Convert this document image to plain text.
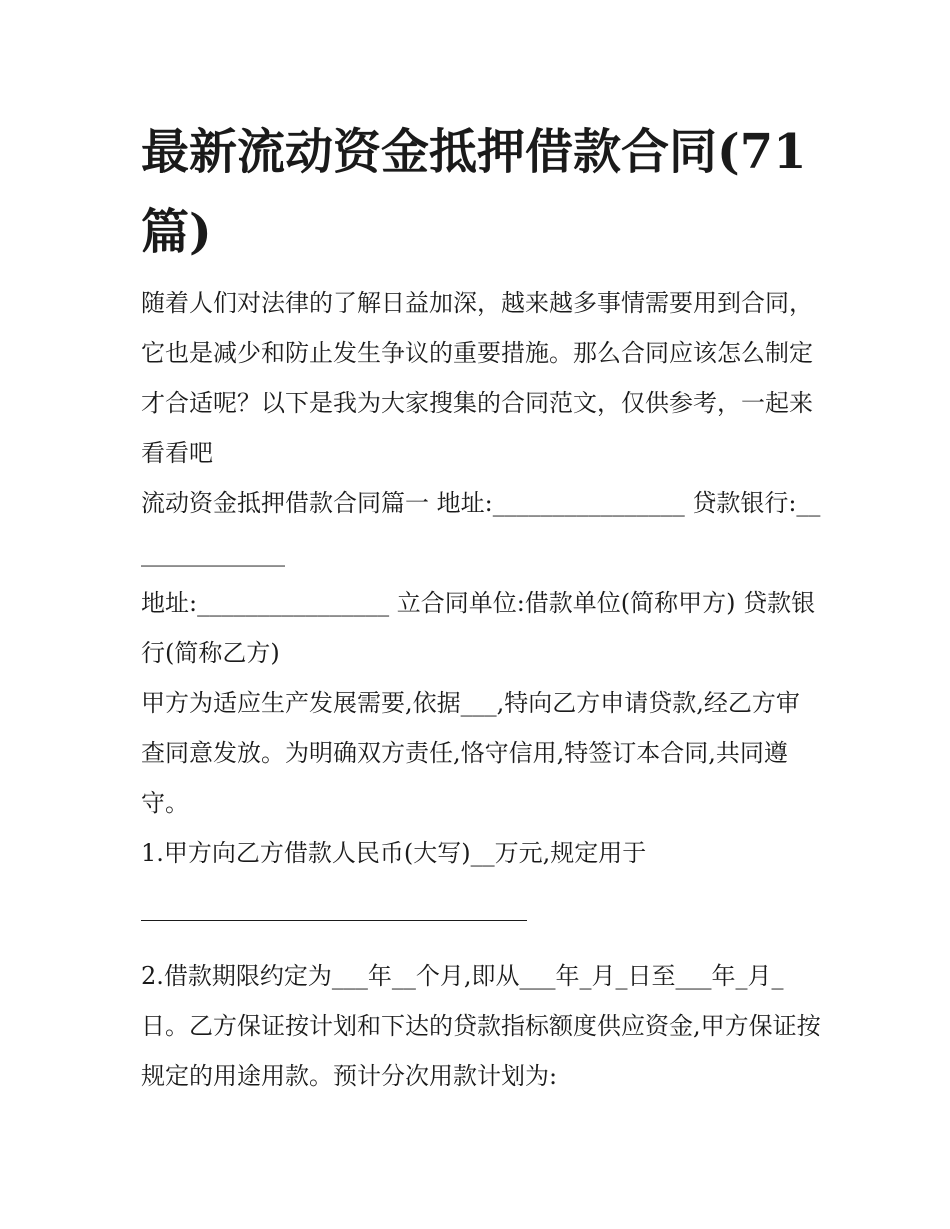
最新流动资金抵押借款合同(71篇)

随着人们对法律的了解日益加深，越来越多事情需要用到合同，它也是减少和防止发生争议的重要措施。那么合同应该怎么制定才合适呢？以下是我为大家搜集的合同范文，仅供参考，一起来看看吧

流动资金抵押借款合同篇一 地址:________________ 贷款银行:______________

地址:________________ 立合同单位:借款单位(简称甲方) 贷款银行(简称乙方)

甲方为适应生产发展需要,依据___,特向乙方申请贷款,经乙方审查同意发放。为明确双方责任,恪守信用,特签订本合同,共同遵守。

1.甲方向乙方借款人民币(大写)__万元,规定用于

2.借款期限约定为___年__个月,即从___年_月_日至___年_月_日。乙方保证按计划和下达的贷款指标额度供应资金,甲方保证按规定的用途用款。预计分次用款计划为:
